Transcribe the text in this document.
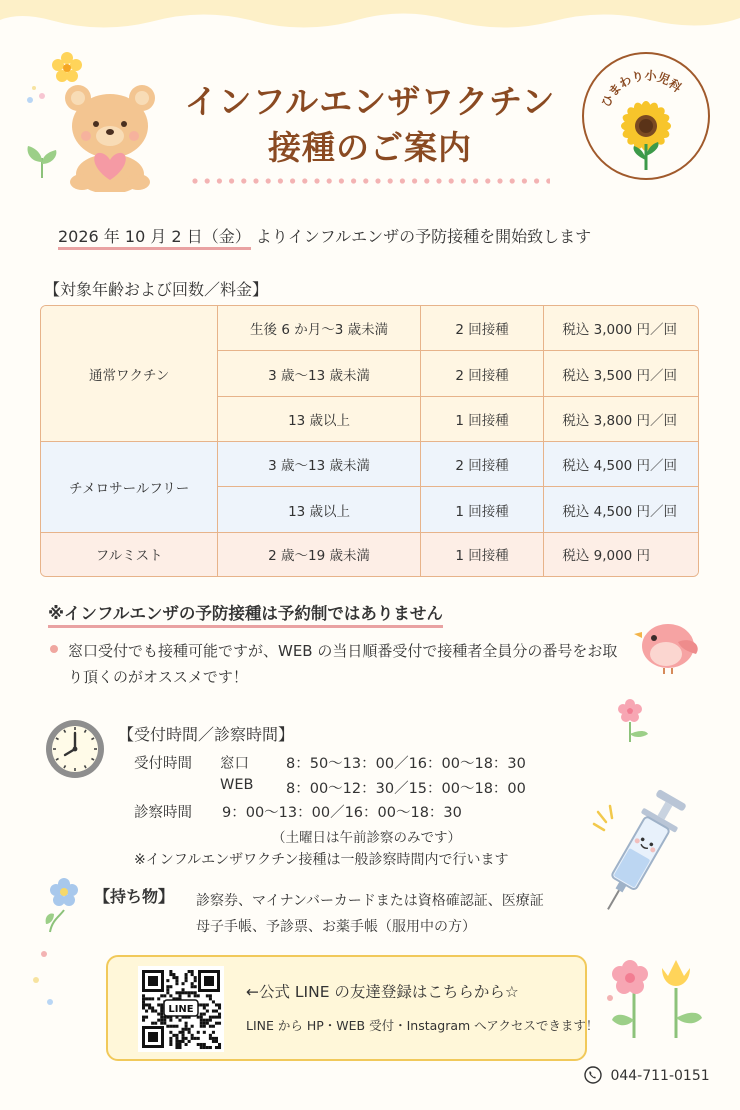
インフルエンザワクチン
接種のご案内
ひまわり小児科
2026 年 10 月 2 日（金） よりインフルエンザの予防接種を開始致します
【対象年齢および回数／料金】
通常ワクチン	生後 6 か月～3 歳未満	2 回接種	税込 3,000 円／回
	3 歳～13 歳未満	2 回接種	税込 3,500 円／回
	13 歳以上	1 回接種	税込 3,800 円／回
チメロサールフリー	3 歳～13 歳未満	2 回接種	税込 4,500 円／回
	13 歳以上	1 回接種	税込 4,500 円／回
フルミスト	2 歳～19 歳未満	1 回接種	税込 9,000 円
※インフルエンザの予防接種は予約制ではありません
窓口受付でも接種可能ですが、WEB の当日順番受付で接種者全員分の番号をお取り頂くのがオススメです！
【受付時間／診察時間】
受付時間 窓口	8：50～13：00／16：00～18：30
WEB 8：00～12：30／15：00～18：00
診察時間 9：00～13：00／16：00～18：30
（土曜日は午前診察のみです）
※インフルエンザワクチン接種は一般診察時間内で行います
【持ち物】 診察券、マイナンバーカードまたは資格確認証、医療証
母子手帳、予診票、お薬手帳（服用中の方）
LINE
←公式 LINE の友達登録はこちらから☆
LINE から HP・WEB 受付・Instagram へアクセスできます！
044-711-0151
